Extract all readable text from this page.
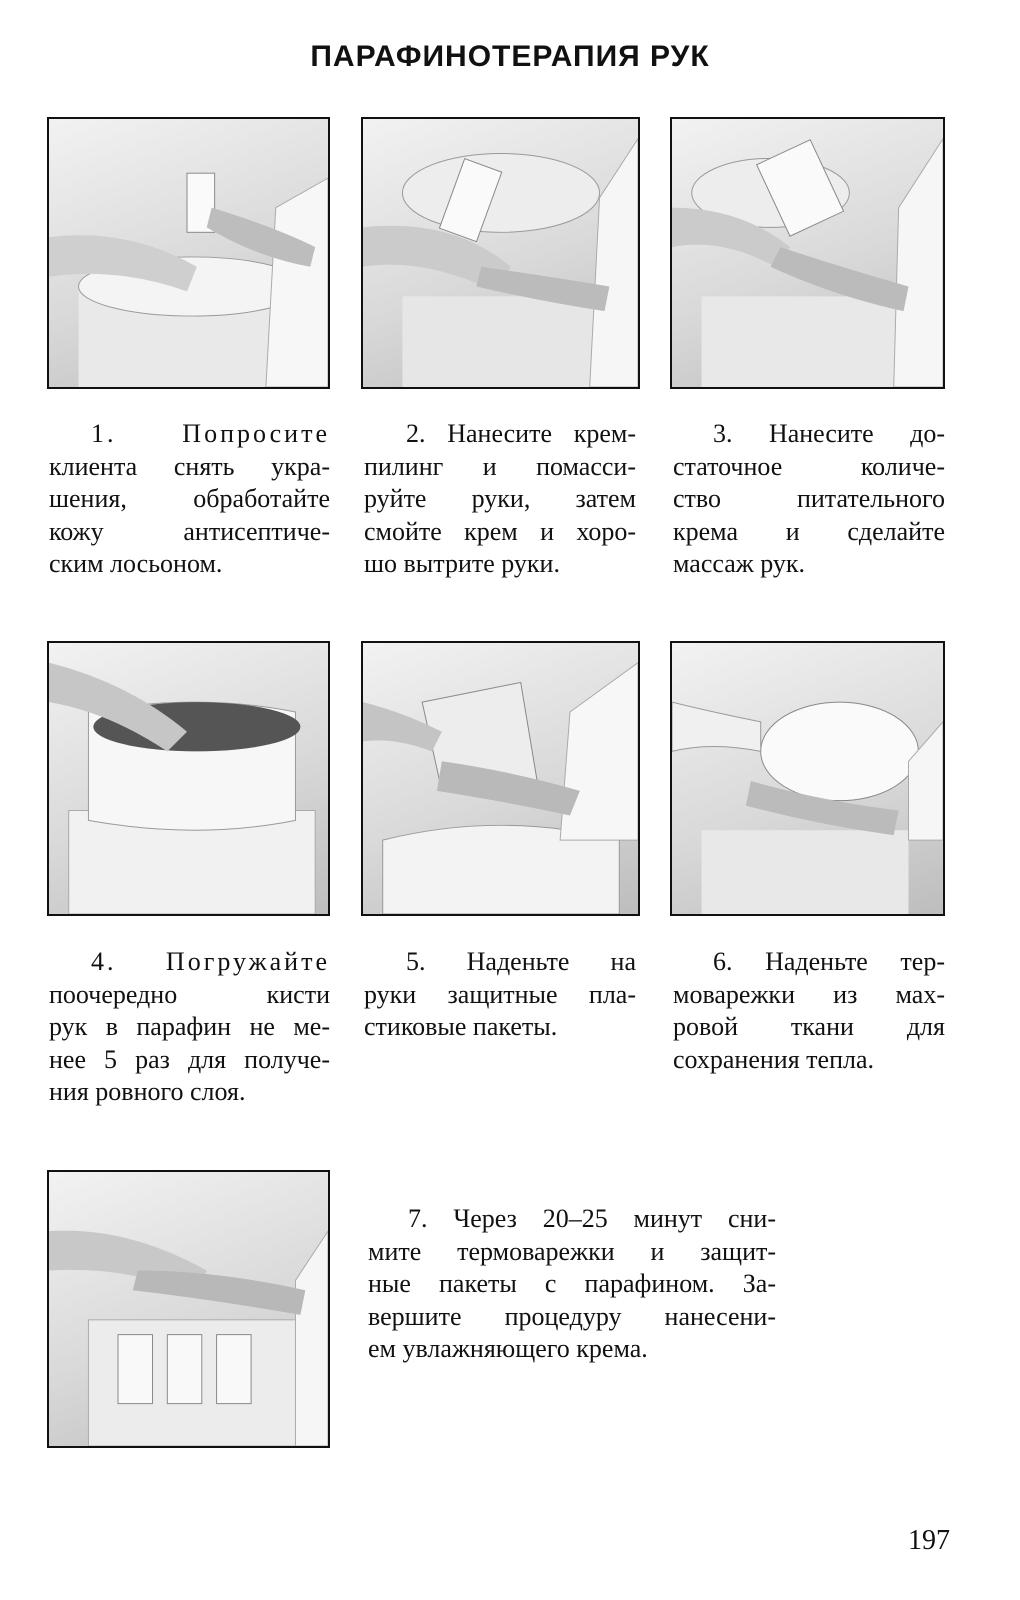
ПАРАФИНОТЕРАПИЯ РУК
1. Попросите
клиента снять укра-
шения, обработайте
кожу антисептиче-
ским лосьоном.
2. Нанесите крем-
пилинг и помасси-
руйте руки, затем
смойте крем и хоро-
шо вытрите руки.
3. Нанесите до-
статочное количе-
ство питательного
крема и сделайте
массаж рук.
4. Погружайте
поочередно кисти
рук в парафин не ме-
нее 5 раз для получе-
ния ровного слоя.
5. Наденьте на
руки защитные пла-
стиковые пакеты.
6. Наденьте тер-
моварежки из мах-
ровой ткани для
сохранения тепла.
7. Через 20–25 минут сни-
мите термоварежки и защит-
ные пакеты с парафином. За-
вершите процедуру нанесени-
ем увлажняющего крема.
197
